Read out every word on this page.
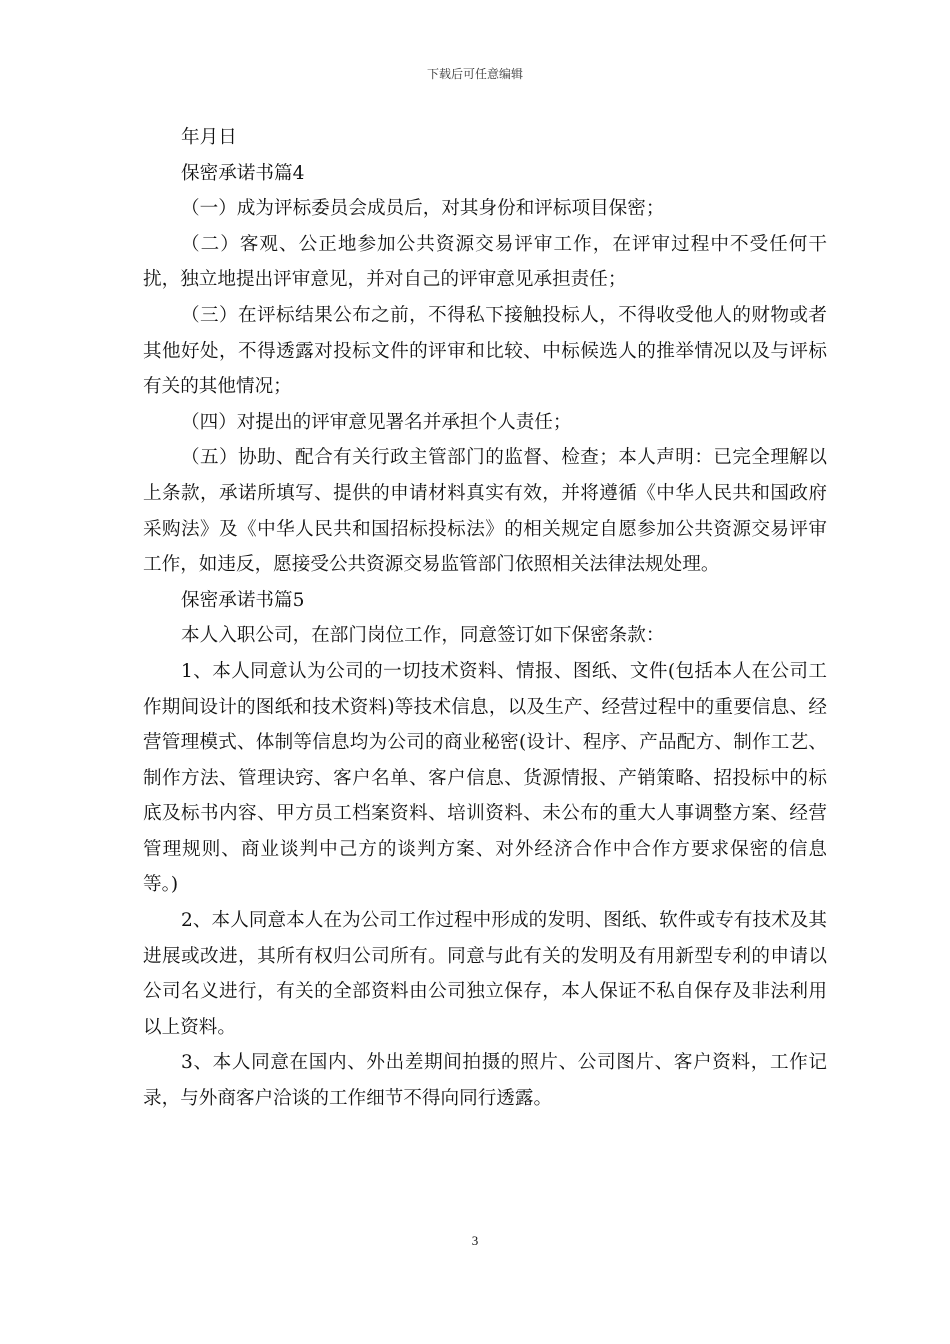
下载后可任意编辑

年月日

保密承诺书篇4

（一）成为评标委员会成员后，对其身份和评标项目保密；

（二）客观、公正地参加公共资源交易评审工作，在评审过程中不受任何干扰，独立地提出评审意见，并对自己的评审意见承担责任；

（三）在评标结果公布之前，不得私下接触投标人，不得收受他人的财物或者其他好处，不得透露对投标文件的评审和比较、中标候选人的推举情况以及与评标有关的其他情况；

（四）对提出的评审意见署名并承担个人责任；

（五）协助、配合有关行政主管部门的监督、检查；本人声明：已完全理解以上条款，承诺所填写、提供的申请材料真实有效，并将遵循《中华人民共和国政府采购法》及《中华人民共和国招标投标法》的相关规定自愿参加公共资源交易评审工作，如违反，愿接受公共资源交易监管部门依照相关法律法规处理。

保密承诺书篇5

本人入职公司，在部门岗位工作，同意签订如下保密条款：

1、本人同意认为公司的一切技术资料、情报、图纸、文件(包括本人在公司工作期间设计的图纸和技术资料)等技术信息，以及生产、经营过程中的重要信息、经营管理模式、体制等信息均为公司的商业秘密(设计、程序、产品配方、制作工艺、制作方法、管理诀窍、客户名单、客户信息、货源情报、产销策略、招投标中的标底及标书内容、甲方员工档案资料、培训资料、未公布的重大人事调整方案、经营管理规则、商业谈判中己方的谈判方案、对外经济合作中合作方要求保密的信息等。)

2、本人同意本人在为公司工作过程中形成的发明、图纸、软件或专有技术及其进展或改进，其所有权归公司所有。同意与此有关的发明及有用新型专利的申请以公司名义进行，有关的全部资料由公司独立保存，本人保证不私自保存及非法利用以上资料。

3、本人同意在国内、外出差期间拍摄的照片、公司图片、客户资料，工作记录，与外商客户洽谈的工作细节不得向同行透露。

3
